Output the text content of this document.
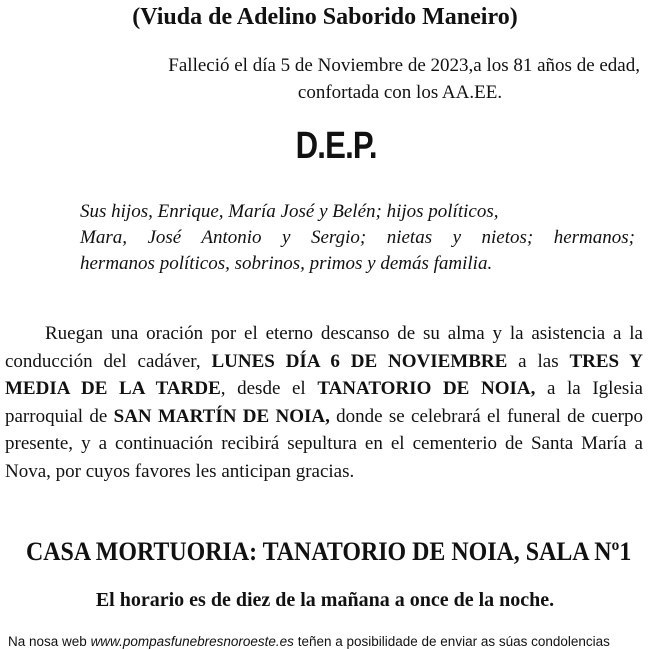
(Viuda de Adelino Saborido Maneiro)
Falleció el día 5 de Noviembre de 2023,a los 81 años de edad,
confortada con los AA.EE.
D.E.P.
Sus hijos, Enrique, María José y Belén; hijos políticos,
Mara, José Antonio y Sergio; nietas y nietos; hermanos;
hermanos políticos, sobrinos, primos y demás familia.

Ruegan una oración por el eterno descanso de su alma y la asistencia a la conducción del cadáver, LUNES DÍA 6 DE NOVIEMBRE a las TRES Y MEDIA DE LA TARDE, desde el TANATORIO DE NOIA, a la Iglesia parroquial de SAN MARTÍN DE NOIA, donde se celebrará el funeral de cuerpo presente, y a continuación recibirá sepultura en el cementerio de Santa María a Nova, por cuyos favores les anticipan gracias.

CASA MORTUORIA: TANATORIO DE NOIA, SALA Nº1
El horario es de diez de la mañana a once de la noche.
Na nosa web www.pompasfunebresnoroeste.es teñen a posibilidade de enviar as súas condolencias
